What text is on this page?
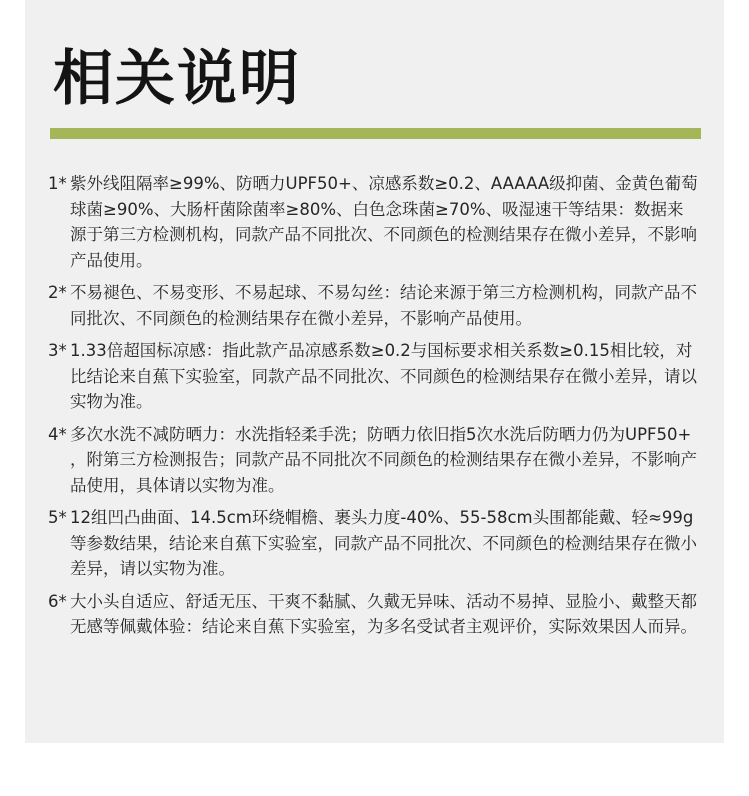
相关说明
1* 紫外线阻隔率≥99%、防晒力UPF50+、凉感系数≥0.2、AAAAA级抑菌、金黄色葡萄球菌≥90%、大肠杆菌除菌率≥80%、白色念珠菌≥70%、吸湿速干等结果：数据来源于第三方检测机构，同款产品不同批次、不同颜色的检测结果存在微小差异，不影响产品使用。
2* 不易褪色、不易变形、不易起球、不易勾丝：结论来源于第三方检测机构，同款产品不同批次、不同颜色的检测结果存在微小差异，不影响产品使用。
3* 1.33倍超国标凉感：指此款产品凉感系数≥0.2与国标要求相关系数≥0.15相比较，对比结论来自蕉下实验室，同款产品不同批次、不同颜色的检测结果存在微小差异，请以实物为准。
4* 多次水洗不减防晒力：水洗指轻柔手洗；防晒力依旧指5次水洗后防晒力仍为UPF50+，附第三方检测报告；同款产品不同批次不同颜色的检测结果存在微小差异，不影响产品使用，具体请以实物为准。
5* 12组凹凸曲面、14.5cm环绕帽檐、裹头力度-40%、55-58cm头围都能戴、轻≈99g等参数结果，结论来自蕉下实验室，同款产品不同批次、不同颜色的检测结果存在微小差异，请以实物为准。
6* 大小头自适应、舒适无压、干爽不黏腻、久戴无异味、活动不易掉、显脸小、戴整天都无感等佩戴体验：结论来自蕉下实验室，为多名受试者主观评价，实际效果因人而异。
